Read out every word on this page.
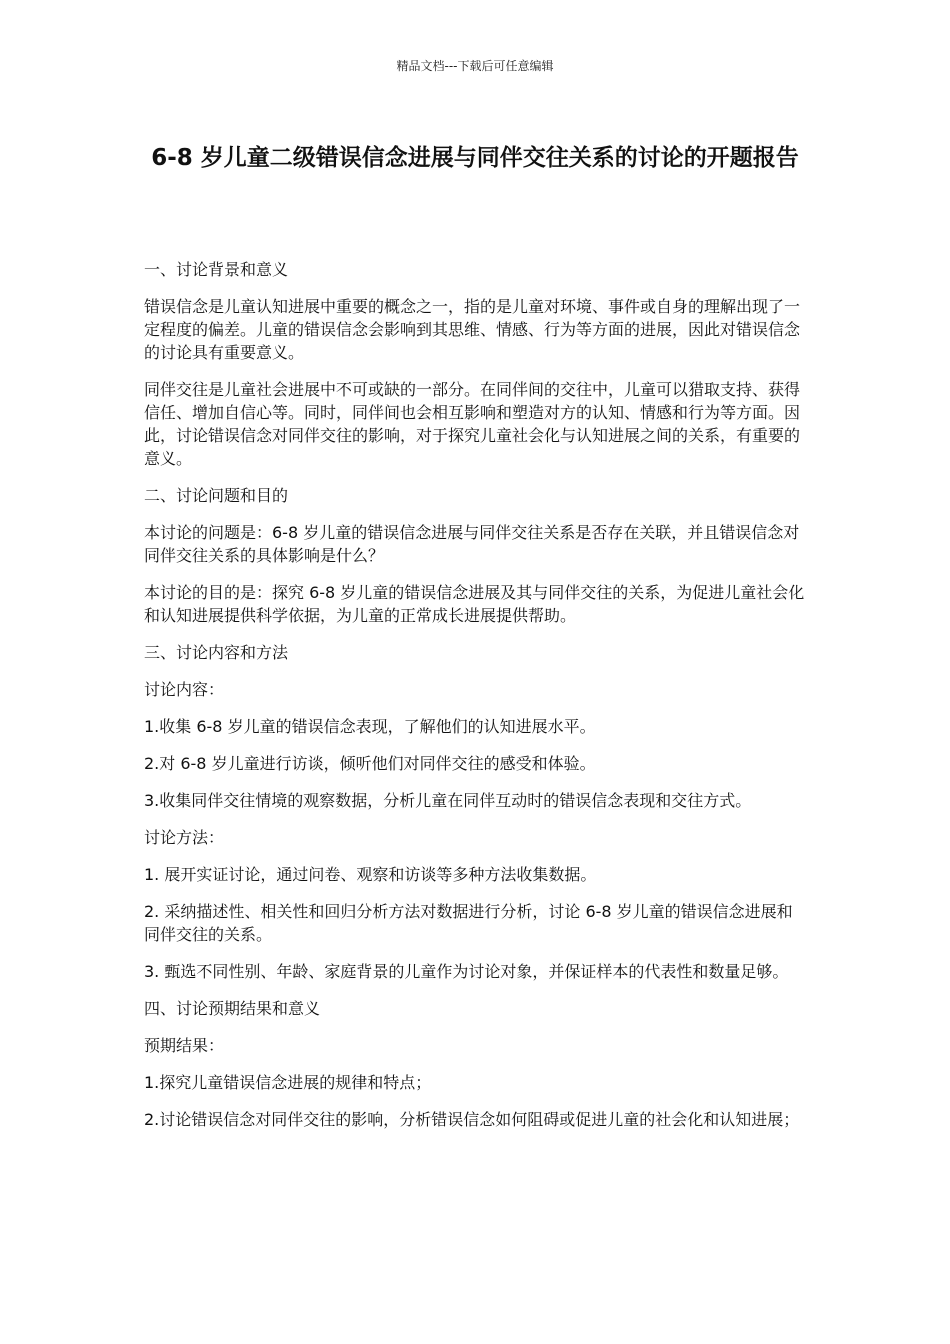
精品文档---下载后可任意编辑
6-8 岁儿童二级错误信念进展与同伴交往关系的讨论的开题报告

一、讨论背景和意义

错误信念是儿童认知进展中重要的概念之一，指的是儿童对环境、事件或自身的理解出现了一定程度的偏差。儿童的错误信念会影响到其思维、情感、行为等方面的进展，因此对错误信念的讨论具有重要意义。

同伴交往是儿童社会进展中不可或缺的一部分。在同伴间的交往中，儿童可以猎取支持、获得信任、增加自信心等。同时，同伴间也会相互影响和塑造对方的认知、情感和行为等方面。因此，讨论错误信念对同伴交往的影响，对于探究儿童社会化与认知进展之间的关系，有重要的意义。

二、讨论问题和目的

本讨论的问题是：6-8 岁儿童的错误信念进展与同伴交往关系是否存在关联，并且错误信念对同伴交往关系的具体影响是什么？

本讨论的目的是：探究 6-8 岁儿童的错误信念进展及其与同伴交往的关系，为促进儿童社会化和认知进展提供科学依据，为儿童的正常成长进展提供帮助。

三、讨论内容和方法

讨论内容：

1.收集 6-8 岁儿童的错误信念表现，了解他们的认知进展水平。

2.对 6-8 岁儿童进行访谈，倾听他们对同伴交往的感受和体验。

3.收集同伴交往情境的观察数据，分析儿童在同伴互动时的错误信念表现和交往方式。

讨论方法：

1. 展开实证讨论，通过问卷、观察和访谈等多种方法收集数据。

2. 采纳描述性、相关性和回归分析方法对数据进行分析，讨论 6-8 岁儿童的错误信念进展和同伴交往的关系。

3. 甄选不同性别、年龄、家庭背景的儿童作为讨论对象，并保证样本的代表性和数量足够。

四、讨论预期结果和意义

预期结果：

1.探究儿童错误信念进展的规律和特点；

2.讨论错误信念对同伴交往的影响，分析错误信念如何阻碍或促进儿童的社会化和认知进展；
